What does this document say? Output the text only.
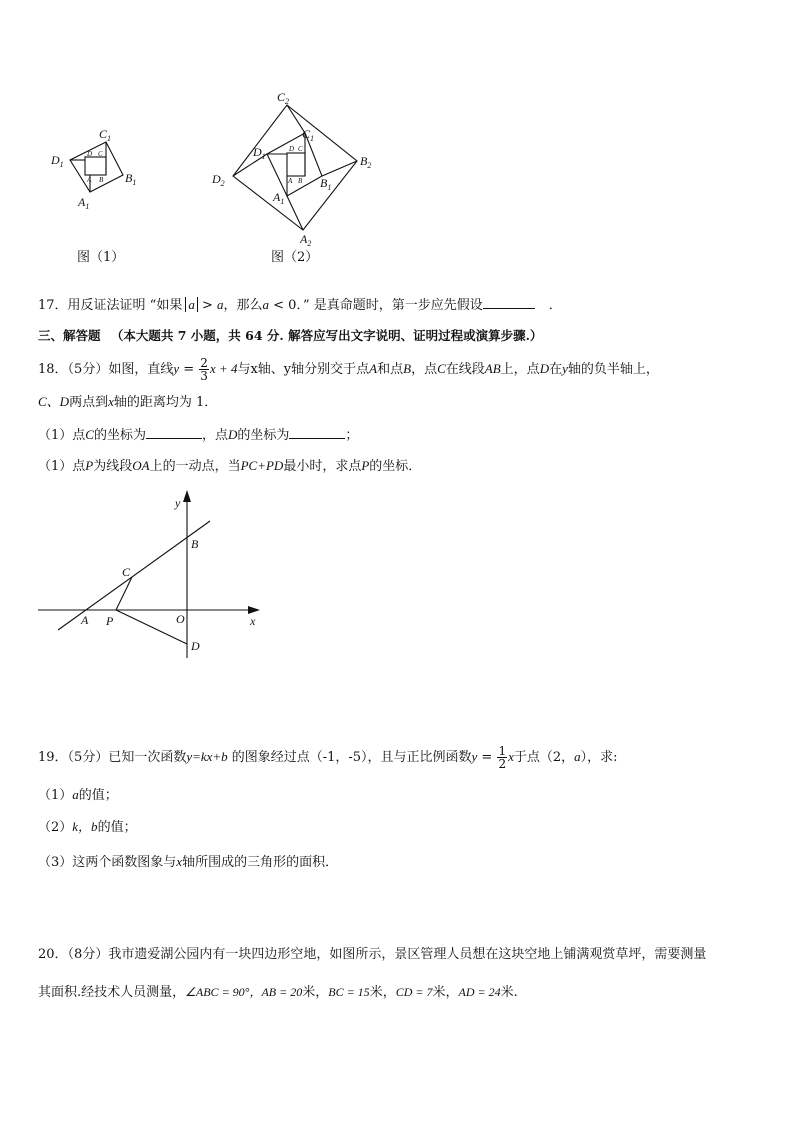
$C_1$
$D_1$
$B_1$
$A_1$
D C
A B
图（1）
$C_2$
$D_2$
$B_2$
$A_2$
$C_1$
$D_1$
$B_1$
$A_1$
D C
A B
图（2）
17．用反证法证明 “如果 a > a，那么a < 0．” 是真命题时，第一步应先假设	．
三、解答题 （本大题共 7 小题，共 64 分. 解答应写出文字说明、证明过程或演算步骤.）
18．（5分）如图，直线$y = \frac{2}{3}$ x + 4与x轴、y轴分别交于点A和点B，点C在线段AB上，点D在y轴的负半轴上，
C、D两点到x轴的距离均为 1．
（1）点C的坐标为	，点D的坐标为	；
（1）点P为线段OA上的一动点，当PC+PD最小时，求点P的坐标．
y
B
C
A P	O	x
D
19．（5分）已知一次函数y=kx+b 的图象经过点（-1，-5），且与正比例函数$y = \frac{1}{2}$ x于点（2，a），求:
（1）a的值；
（2）k，b的值；
（3）这两个函数图象与x轴所围成的三角形的面积．
20．（8分）我市遗爱湖公园内有一块四边形空地，如图所示，景区管理人员想在这块空地上铺满观赏草坪，需要测量
其面积.经技术人员测量，∠ABC = 90°，AB = 20米，BC = 15米，CD = 7米，AD = 24米.
